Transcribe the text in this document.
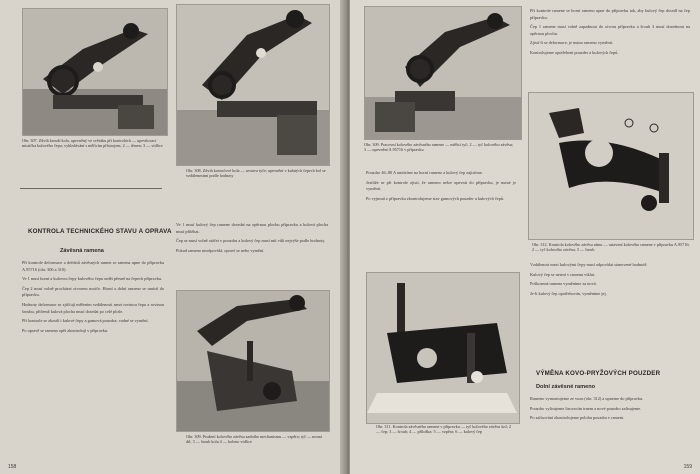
Obr. 307. Zdvih krouží kola, upevněný ve svěráku při kontrolách — upevňovací mistička kulového čepu; vyhledávání s měřicím přístrojem; 2 — třmen; 3 — vidlice
Obr. 308. Zdvih kotoučové kola — sestava tyče; upevnění v kulatých čepech kol se vzdálenostmi podle hodnoty
KONTROLA TECHNICKÉHO STAVU A OPRAVA
Závěsná ramena

Při kontrole deformace a defektů závěsných ramen se ramena upne do přípravku A.95716 (obr. 306 a 310).

Ve 1 musí horní a kulovou čepy kulového čepu sedět přesně na čepech přípravku.

Čep 2 musí volně procházet otvorem nosiče. Horní a dolní rameno se umístí do přípravku.

Hodnoty deformace se zjišťují měřením vzdálenosti mezi rovinou čepu a rovinou šroubu, přičemž kulová plocha musí dosedat po celé ploše.

Při kontrole se zkouší i kulové čepy a gumová pouzdra; vadné se vymění.

Po opravě se ramena opět zkontrolují v přípravku.

Ve 1 musí kulový čep ramene dosedat na opěrnou plochu přípravku a kulová plocha musí přiléhat.

Čep se musí volně otáčet v pouzdru a kulový čep musí mít vůli nejvýše podle hodnoty.

Pokud rameno neodpovídá, opraví se nebo vymění.

Obr. 309. Pružení kolového závěsu zadního mechanismu — vzpěra; tyč — nosná díl; 3 — šroub kola 4 — koleno vidlice
158
Obr. 309. Pracovní kolového závěsného ramene — měřicí tyč; 2 — tyč kolového závěsu; 3 — upevnění A.95716 v přípravku

Při kontrole ramene se horní rameno upne do přípravku tak, aby kulový čep dosedl na čep přípravku.

Čep 1 ramene musí volně zapadnout do otvoru přípravku a šroub 3 musí dosednout na opěrnou plochu.

Zjistí-li se deformace, je nutno rameno vyměnit.

Kontrolujeme opotřebení pouzder a kulových čepů.

Obr. 312. Kontrola kolového závěsu rámu — ustavení kolového ramene v přípravku A.95716; 2 — tyč kolového závěsu; 3 — šroub

Pouzdro 46–80 A umístíme na horní rameno a kulový čep zajistíme.

Jestliže se při kontrole zjistí, že rameno nelze upevnit do přípravku, je nutné je vyměnit.

Po vyjmutí z přípravku zkontrolujeme stav gumových pouzder a kulových čepů.

Obr. 311. Kontrola závěsného ramene v přípravku — tyč kolového závěsu kol; 2 — čep; 3 — šroub; 4 — příložka; 5 — vzpěra; 6 — kulový čep

Vzdálenost mezi kulovými čepy musí odpovídat stanovené hodnotě.

Kulový čep se nesmí v ramenu viklat.

Poškozená ramena vyměníme za nová.

Je-li kulový čep opotřebován, vyměníme jej.

VÝMĚNA KOVO-PRYŽOVÝCH POUZDER
Dolní závěsné rameno

Rameno vymontujeme ze vozu (obr. 312) a upneme do přípravku.

Pouzdro vylisujeme lisovacím trnem a nové pouzdro zalisujeme.

Po zalisování zkontrolujeme polohu pouzdra v rameni.

159
